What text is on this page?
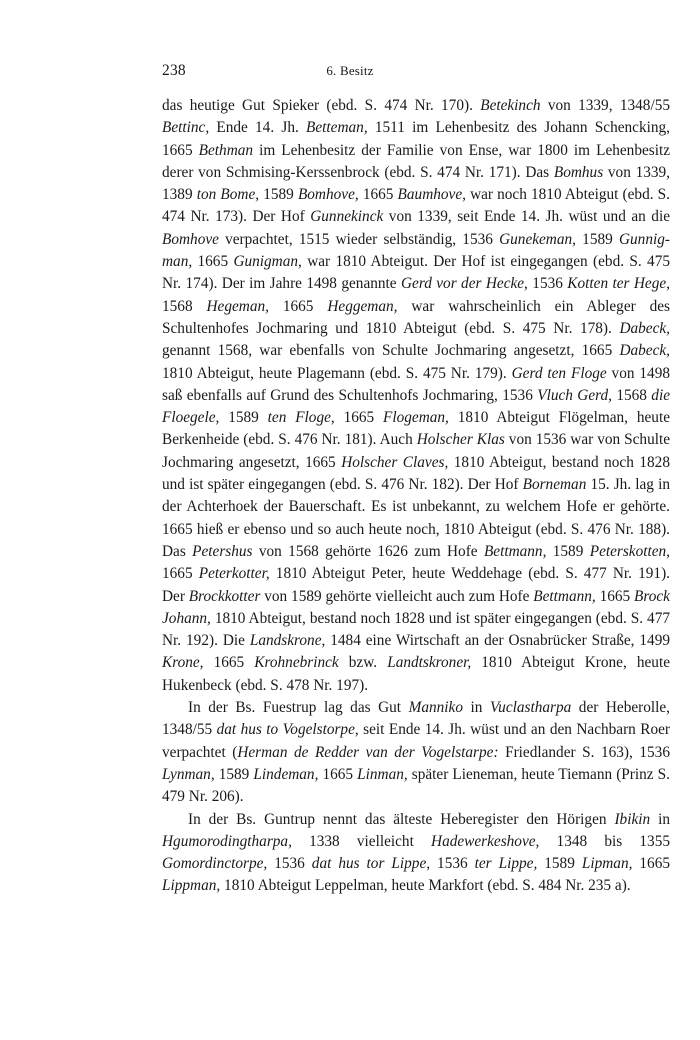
238	6. Besitz

das heutige Gut Spieker (ebd. S. 474 Nr. 170). Betekinch von 1339, 1348/55 Bettinc, Ende 14. Jh. Betteman, 1511 im Lehenbesitz des Johann Schencking, 1665 Bethman im Lehenbesitz der Familie von Ense, war 1800 im Lehenbesitz derer von Schmising-Kerssenbrock (ebd. S. 474 Nr. 171). Das Bomhus von 1339, 1389 ton Bome, 1589 Bomhove, 1665 Baumhove, war noch 1810 Abteigut (ebd. S. 474 Nr. 173). Der Hof Gunnekinck von 1339, seit Ende 14. Jh. wüst und an die Bomhove verpachtet, 1515 wieder selbständig, 1536 Gunekeman, 1589 Gunnigman, 1665 Gunigman, war 1810 Abteigut. Der Hof ist eingegangen (ebd. S. 475 Nr. 174). Der im Jahre 1498 genannte Gerd vor der Hecke, 1536 Kotten ter Hege, 1568 Hegeman, 1665 Heggeman, war wahrscheinlich ein Ableger des Schultenhofes Jochmaring und 1810 Abteigut (ebd. S. 475 Nr. 178). Dabeck, genannt 1568, war ebenfalls von Schulte Jochmaring angesetzt, 1665 Dabeck, 1810 Abteigut, heute Plagemann (ebd. S. 475 Nr. 179). Gerd ten Floge von 1498 saß ebenfalls auf Grund des Schultenhofs Jochmaring, 1536 Vluch Gerd, 1568 die Floegele, 1589 ten Floge, 1665 Flogeman, 1810 Abteigut Flögelman, heute Berkenheide (ebd. S. 476 Nr. 181). Auch Holscher Klas von 1536 war von Schulte Jochmaring angesetzt, 1665 Holscher Claves, 1810 Abteigut, bestand noch 1828 und ist später eingegangen (ebd. S. 476 Nr. 182). Der Hof Borneman 15. Jh. lag in der Achterhoek der Bauerschaft. Es ist unbekannt, zu welchem Hofe er gehörte. 1665 hieß er ebenso und so auch heute noch, 1810 Abteigut (ebd. S. 476 Nr. 188). Das Petershus von 1568 gehörte 1626 zum Hofe Bettmann, 1589 Peterskotten, 1665 Peterkotter, 1810 Abteigut Peter, heute Weddehage (ebd. S. 477 Nr. 191). Der Brockkotter von 1589 gehörte vielleicht auch zum Hofe Bettmann, 1665 Brock Johann, 1810 Abteigut, bestand noch 1828 und ist später eingegangen (ebd. S. 477 Nr. 192). Die Landskrone, 1484 eine Wirtschaft an der Osnabrücker Straße, 1499 Krone, 1665 Krohnebrinck bzw. Landtskroner, 1810 Abteigut Krone, heute Hukenbeck (ebd. S. 478 Nr. 197).

In der Bs. Fuestrup lag das Gut Manniko in Vuclastharpa der Heberolle, 1348/55 dat hus to Vogelstorpe, seit Ende 14. Jh. wüst und an den Nachbarn Roer verpachtet (Herman de Redder van der Vogelstarpe: Friedlander S. 163), 1536 Lynman, 1589 Lindeman, 1665 Linman, später Lieneman, heute Tiemann (Prinz S. 479 Nr. 206).

In der Bs. Guntrup nennt das älteste Heberegister den Hörigen Ibikin in Hgumorodingtharpa, 1338 vielleicht Hadewerkeshove, 1348 bis 1355 Gomordinctorpe, 1536 dat hus tor Lippe, 1536 ter Lippe, 1589 Lipman, 1665 Lippman, 1810 Abteigut Leppelman, heute Markfort (ebd. S. 484 Nr. 235 a).
